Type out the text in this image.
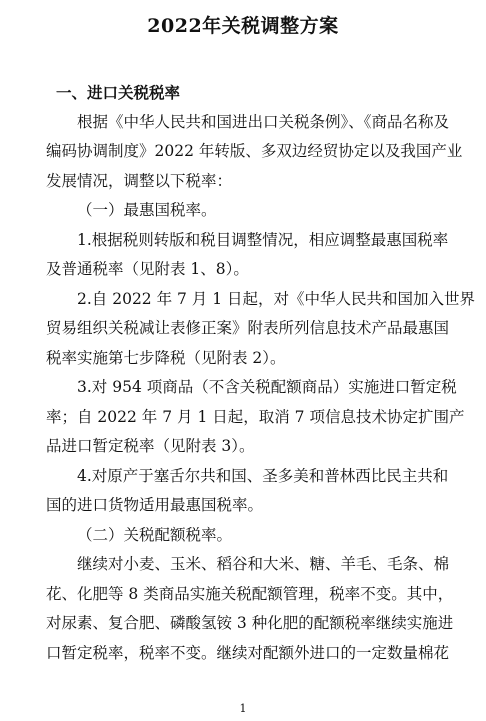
2022年关税调整方案

一、进口关税税率

根据《中华人民共和国进出口关税条例》、《商品名称及

编码协调制度》2022 年转版、多双边经贸协定以及我国产业

发展情况，调整以下税率：

（一）最惠国税率。

1.根据税则转版和税目调整情况，相应调整最惠国税率

及普通税率（见附表 1、8）。

2.自 2022 年 7 月 1 日起，对《中华人民共和国加入世界

贸易组织关税减让表修正案》附表所列信息技术产品最惠国

税率实施第七步降税（见附表 2）。

3.对 954 项商品（不含关税配额商品）实施进口暂定税

率；自 2022 年 7 月 1 日起，取消 7 项信息技术协定扩围产

品进口暂定税率（见附表 3）。

4.对原产于塞舌尔共和国、圣多美和普林西比民主共和

国的进口货物适用最惠国税率。

（二）关税配额税率。

继续对小麦、玉米、稻谷和大米、糖、羊毛、毛条、棉

花、化肥等 8 类商品实施关税配额管理，税率不变。其中，

对尿素、复合肥、磷酸氢铵 3 种化肥的配额税率继续实施进

口暂定税率，税率不变。继续对配额外进口的一定数量棉花

1
